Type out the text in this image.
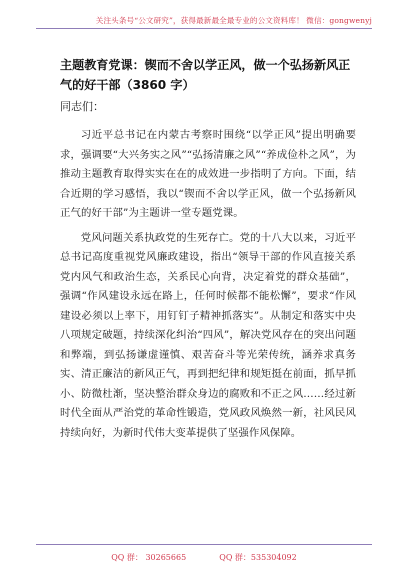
关注头条号“公文研究”，获得最新最全最专业的公文资料库！ 微信：gongwenyj
主题教育党课：锲而不舍以学正风，做一个弘扬新风正气的好干部（3860 字）
同志们：

习近平总书记在内蒙古考察时围绕“以学正风”提出明确要求，强调要“大兴务实之风”“弘扬清廉之风”“养成俭朴之风”，为推动主题教育取得实实在在的成效进一步指明了方向。下面，结合近期的学习感悟，我以“锲而不舍以学正风，做一个弘扬新风正气的好干部”为主题讲一堂专题党课。

党风问题关系执政党的生死存亡。党的十八大以来，习近平总书记高度重视党风廉政建设，指出“领导干部的作风直接关系党内风气和政治生态，关系民心向背，决定着党的群众基础”，强调“作风建设永远在路上，任何时候都不能松懈”，要求“作风建设必须以上率下，用钉钉子精神抓落实”。从制定和落实中央八项规定破题，持续深化纠治“四风”，解决党风存在的突出问题和弊端，到弘扬谦虚谨慎、艰苦奋斗等光荣传统，涵养求真务实、清正廉洁的新风正气，再到把纪律和规矩挺在前面，抓早抓小、防微杜渐，坚决整治群众身边的腐败和不正之风……经过新时代全面从严治党的革命性锻造，党风政风焕然一新，社风民风持续向好，为新时代伟大变革提供了坚强作风保障。

QQ 群： 30265665	QQ 群：535304092
